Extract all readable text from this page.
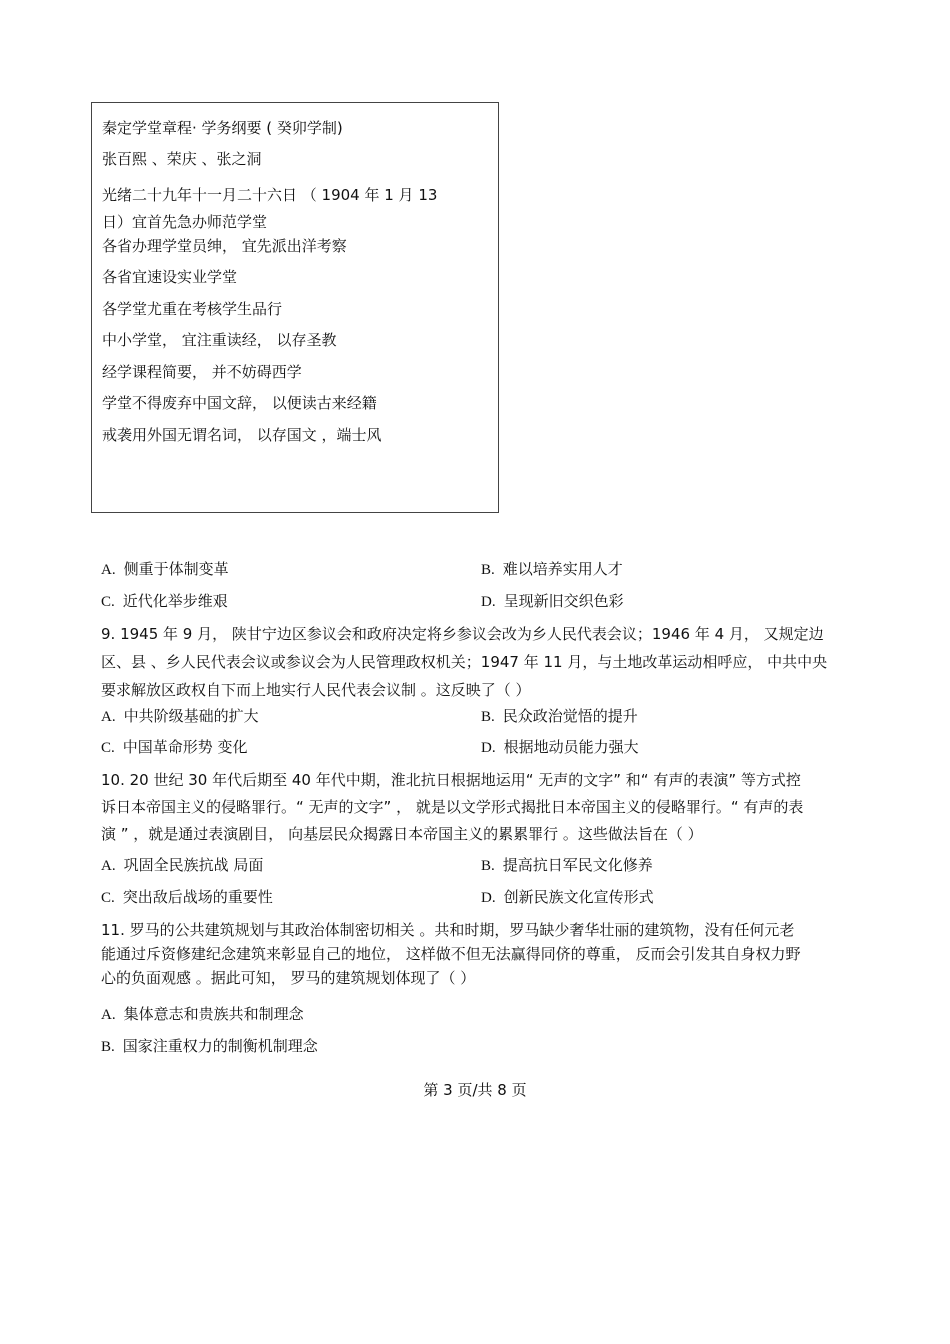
秦定学堂章程· 学务纲要 ( 癸卯学制)
张百熙 、荣庆 、张之洞
光绪二十九年十一月二十六日 （ 1904 年 1 月 13
日）宜首先急办师范学堂
各省办理学堂员绅， 宜先派出洋考察
各省宜速设实业学堂
各学堂尤重在考核学生品行
中小学堂， 宜注重读经， 以存圣教
经学课程简要， 并不妨碍西学
学堂不得废弃中国文辞， 以便读古来经籍
戒袭用外国无谓名词， 以存国文 ，端士风
A. 侧重于体制变革	B. 难以培养实用人才
C. 近代化举步维艰	D. 呈现新旧交织色彩
9. 1945 年 9 月， 陕甘宁边区参议会和政府决定将乡参议会改为乡人民代表会议；1946 年 4 月， 又规定边
区、县 、乡人民代表会议或参议会为人民管理政权机关；1947 年 11 月，与土地改革运动相呼应， 中共中央
要求解放区政权自下而上地实行人民代表会议制 。这反映了（ ）
A. 中共阶级基础的扩大	B. 民众政治觉悟的提升
C. 中国革命形势 变化	D. 根据地动员能力强大
10. 20 世纪 30 年代后期至 40 年代中期，淮北抗日根据地运用“ 无声的文字” 和“ 有声的表演” 等方式控
诉日本帝国主义的侵略罪行。“ 无声的文字” ， 就是以文学形式揭批日本帝国主义的侵略罪行。“ 有声的表
演 ” ，就是通过表演剧目， 向基层民众揭露日本帝国主义的累累罪行 。这些做法旨在（ ）
A. 巩固全民族抗战 局面	B. 提高抗日军民文化修养
C. 突出敌后战场的重要性	D. 创新民族文化宣传形式
11. 罗马的公共建筑规划与其政治体制密切相关 。共和时期，罗马缺少奢华壮丽的建筑物，没有任何元老
能通过斥资修建纪念建筑来彰显自己的地位， 这样做不但无法赢得同侪的尊重， 反而会引发其自身权力野
心的负面观感 。据此可知， 罗马的建筑规划体现了（ ）
A. 集体意志和贵族共和制理念
B. 国家注重权力的制衡机制理念
第 3 页/共 8 页
